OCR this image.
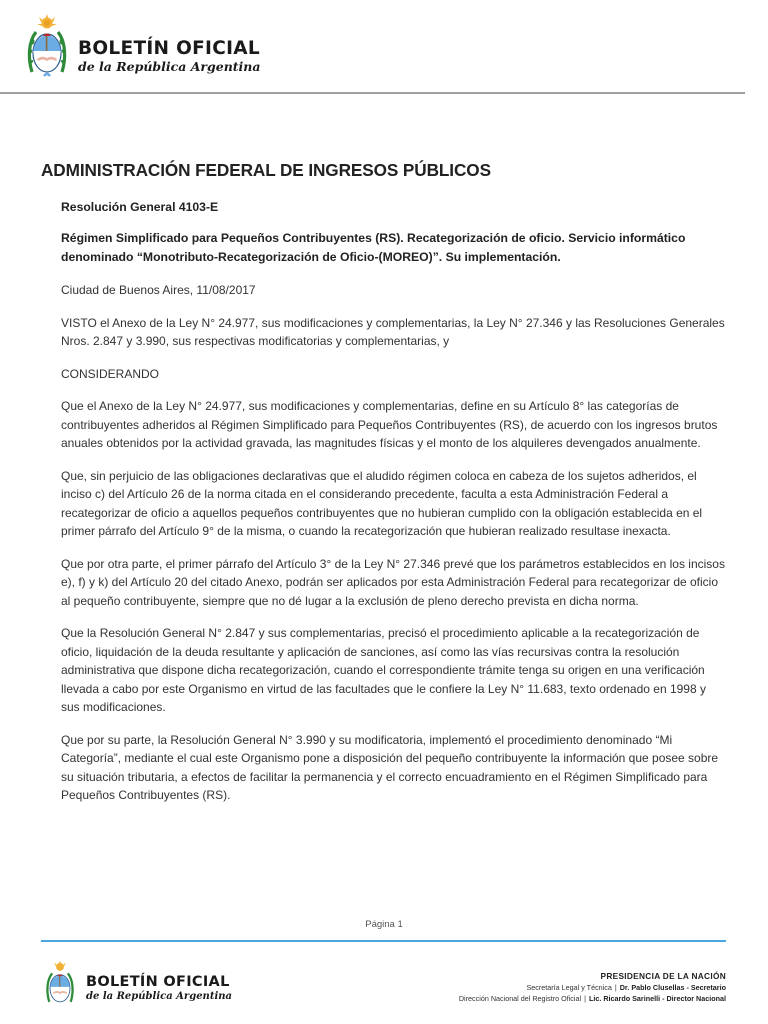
BOLETÍN OFICIAL
de la República Argentina
ADMINISTRACIÓN FEDERAL DE INGRESOS PÚBLICOS
Resolución General 4103-E
Régimen Simplificado para Pequeños Contribuyentes (RS). Recategorización de oficio. Servicio informático denominado “Monotributo-Recategorización de Oficio-(MOREO)”. Su implementación.

Ciudad de Buenos Aires, 11/08/2017

VISTO el Anexo de la Ley N° 24.977, sus modificaciones y complementarias, la Ley N° 27.346 y las Resoluciones Generales Nros. 2.847 y 3.990, sus respectivas modificatorias y complementarias, y

CONSIDERANDO

Que el Anexo de la Ley N° 24.977, sus modificaciones y complementarias, define en su Artículo 8° las categorías de contribuyentes adheridos al Régimen Simplificado para Pequeños Contribuyentes (RS), de acuerdo con los ingresos brutos anuales obtenidos por la actividad gravada, las magnitudes físicas y el monto de los alquileres devengados anualmente.

Que, sin perjuicio de las obligaciones declarativas que el aludido régimen coloca en cabeza de los sujetos adheridos, el inciso c) del Artículo 26 de la norma citada en el considerando precedente, faculta a esta Administración Federal a recategorizar de oficio a aquellos pequeños contribuyentes que no hubieran cumplido con la obligación establecida en el primer párrafo del Artículo 9° de la misma, o cuando la recategorización que hubieran realizado resultase inexacta.

Que por otra parte, el primer párrafo del Artículo 3° de la Ley N° 27.346 prevé que los parámetros establecidos en los incisos e), f) y k) del Artículo 20 del citado Anexo, podrán ser aplicados por esta Administración Federal para recategorizar de oficio al pequeño contribuyente, siempre que no dé lugar a la exclusión de pleno derecho prevista en dicha norma.

Que la Resolución General N° 2.847 y sus complementarias, precisó el procedimiento aplicable a la recategorización de oficio, liquidación de la deuda resultante y aplicación de sanciones, así como las vías recursivas contra la resolución administrativa que dispone dicha recategorización, cuando el correspondiente trámite tenga su origen en una verificación llevada a cabo por este Organismo en virtud de las facultades que le confiere la Ley N° 11.683, texto ordenado en 1998 y sus modificaciones.

Que por su parte, la Resolución General N° 3.990 y su modificatoria, implementó el procedimiento denominado “Mi Categoría”, mediante el cual este Organismo pone a disposición del pequeño contribuyente la información que posee sobre su situación tributaria, a efectos de facilitar la permanencia y el correcto encuadramiento en el Régimen Simplificado para Pequeños Contribuyentes (RS).

Página 1
BOLETÍN OFICIAL
de la República Argentina
PRESIDENCIA DE LA NACIÓN
Secretaría Legal y Técnica | Dr. Pablo Clusellas - Secretario
Dirección Nacional del Registro Oficial | Lic. Ricardo Sarinelli - Director Nacional
